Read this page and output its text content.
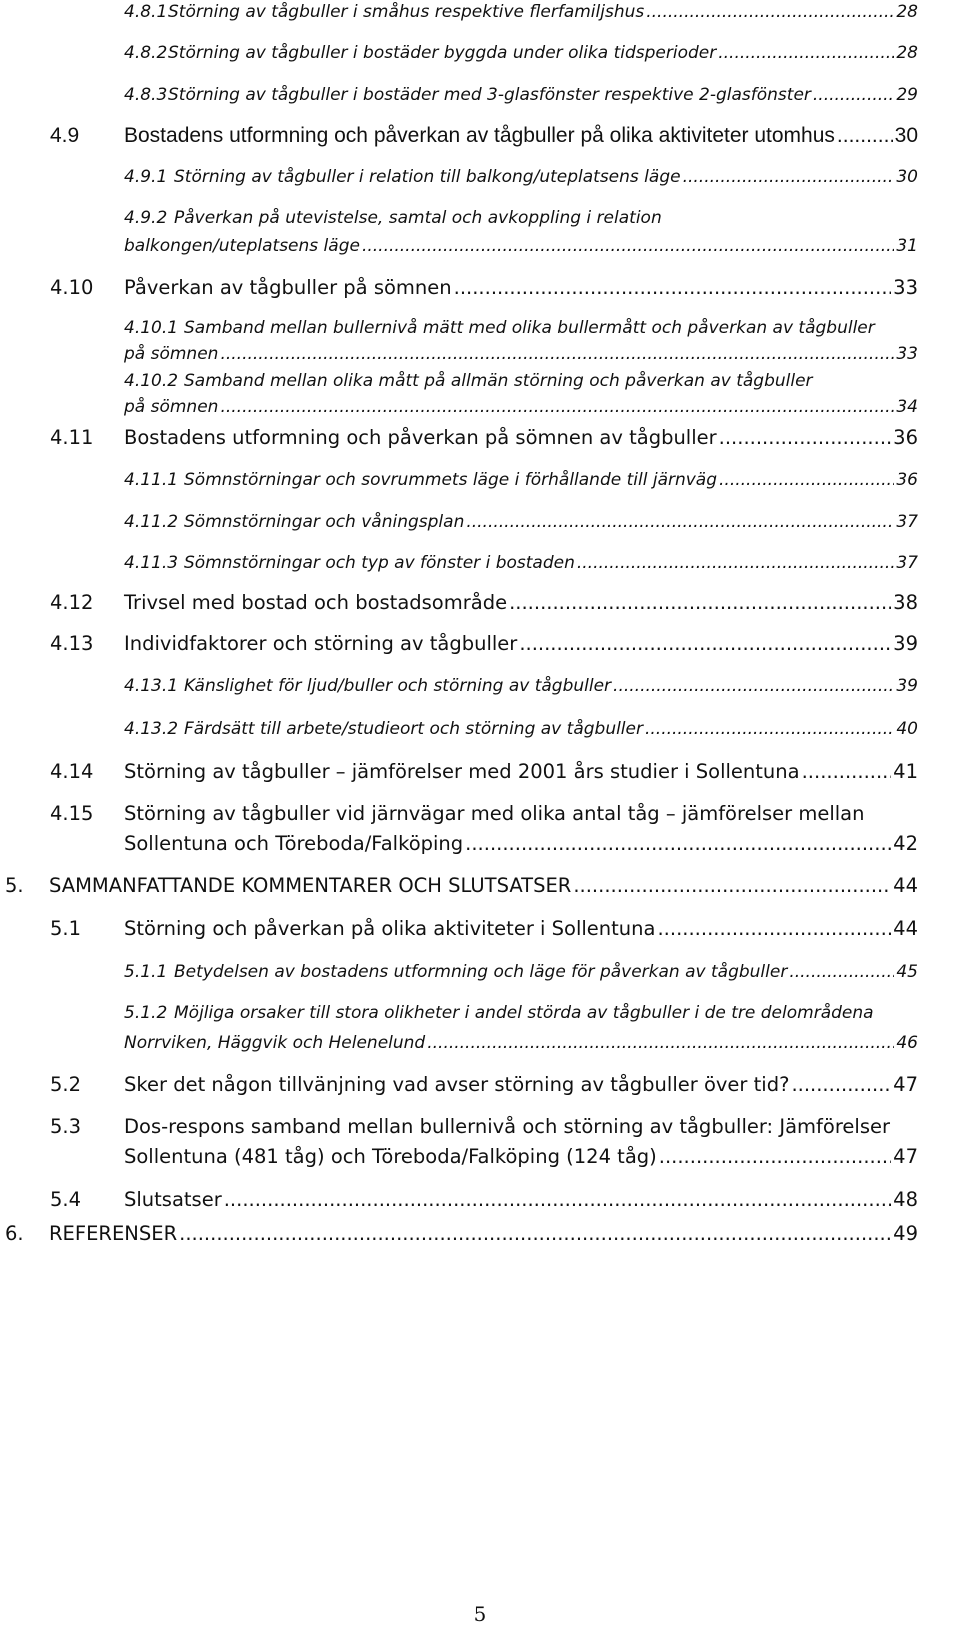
4.8.1 Störning av tågbuller i småhus respektive flerfamiljshus .....	28
4.8.2 Störning av tågbuller i bostäder byggda under olika tidsperioder .....	28
4.8.3 Störning av tågbuller i bostäder med 3-glasfönster respektive 2-glasfönster .....	29
4.9	Bostadens utformning och påverkan av tågbuller på olika aktiviteter utomhus .....	30
4.9.1 Störning av tågbuller i relation till balkong/uteplatsens läge .....	30
4.9.2 Påverkan på utevistelse, samtal och avkoppling i relation
balkongen/uteplatsens läge .....	31
4.10	Påverkan av tågbuller på sömnen .....	33
4.10.1 Samband mellan bullernivå mätt med olika bullermått och påverkan av tågbuller
på sömnen .....	33
4.10.2 Samband mellan olika mått på allmän störning och påverkan av tågbuller
på sömnen .....	34
4.11	Bostadens utformning och påverkan på sömnen av tågbuller .....	36
4.11.1 Sömnstörningar och sovrummets läge i förhållande till järnväg .....	36
4.11.2 Sömnstörningar och våningsplan .....	37
4.11.3 Sömnstörningar och typ av fönster i bostaden .....	37
4.12	Trivsel med bostad och bostadsområde .....	38
4.13	Individfaktorer och störning av tågbuller .....	39
4.13.1 Känslighet för ljud/buller och störning av tågbuller .....	39
4.13.2 Färdsätt till arbete/studieort och störning av tågbuller .....	40
4.14	Störning av tågbuller – jämförelser med 2001 års studier i Sollentuna .....	41
4.15	Störning av tågbuller vid järnvägar med olika antal tåg – jämförelser mellan
Sollentuna och Töreboda/Falköping .....	42
5.	SAMMANFATTANDE KOMMENTARER OCH SLUTSATSER .....	44
5.1	Störning och påverkan på olika aktiviteter i Sollentuna .....	44
5.1.1 Betydelsen av bostadens utformning och läge för påverkan av tågbuller .....	45
5.1.2 Möjliga orsaker till stora olikheter i andel störda av tågbuller i de tre delområdena
Norrviken, Häggvik och Helenelund .....	46
5.2	Sker det någon tillvänjning vad avser störning av tågbuller över tid? .....	47
5.3	Dos-respons samband mellan bullernivå och störning av tågbuller: Jämförelser
Sollentuna (481 tåg) och Töreboda/Falköping (124 tåg) .....	47
5.4	Slutsatser .....	48
6.	REFERENSER .....	49
5
